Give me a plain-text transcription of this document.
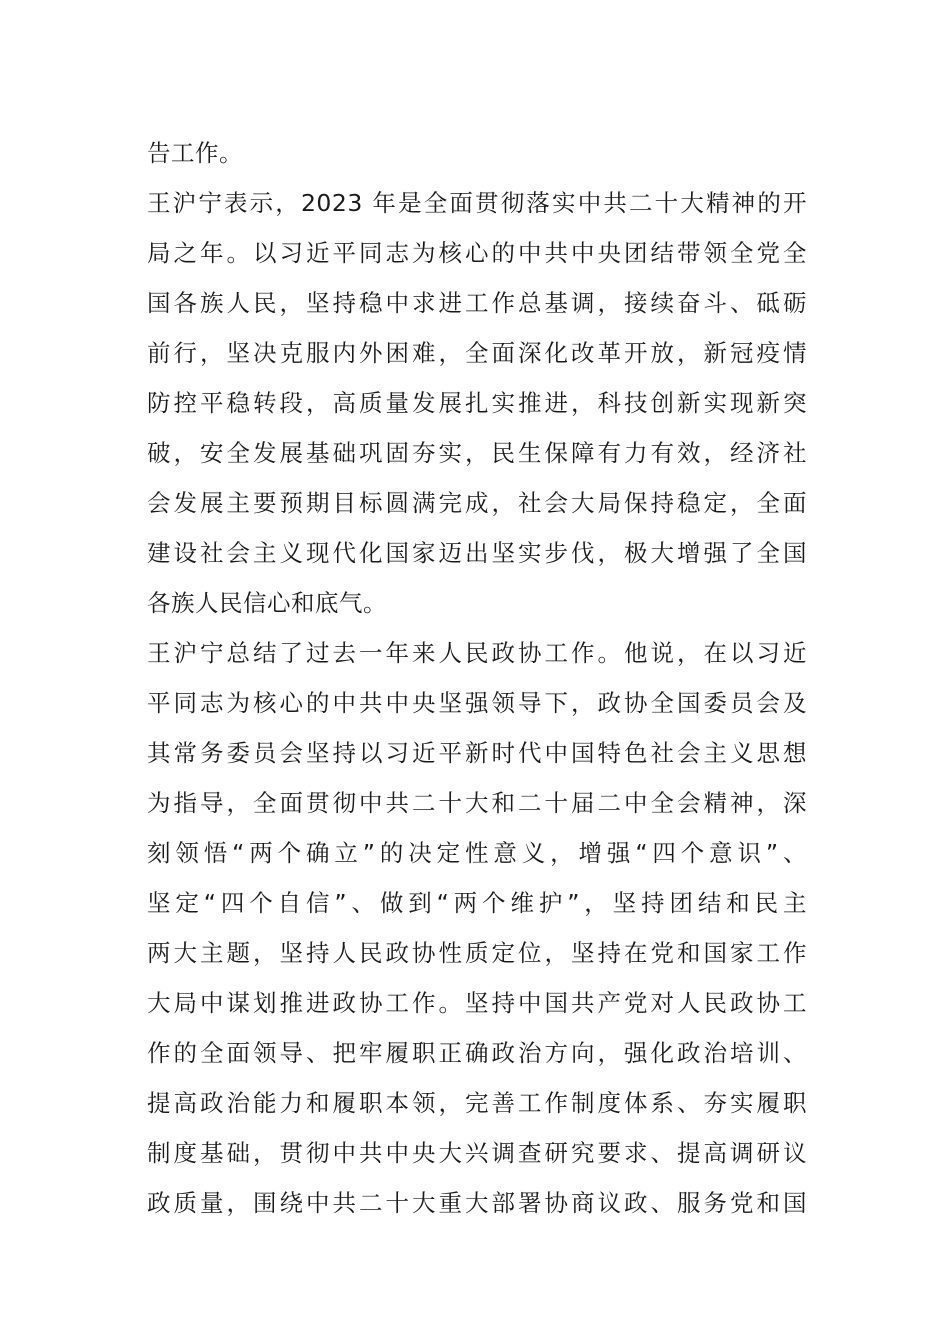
告工作。
王沪宁表示，2023 年是全面贯彻落实中共二十大精神的开
局之年。以习近平同志为核心的中共中央团结带领全党全
国各族人民，坚持稳中求进工作总基调，接续奋斗、砥砺
前行，坚决克服内外困难，全面深化改革开放，新冠疫情
防控平稳转段，高质量发展扎实推进，科技创新实现新突
破，安全发展基础巩固夯实，民生保障有力有效，经济社
会发展主要预期目标圆满完成，社会大局保持稳定，全面
建设社会主义现代化国家迈出坚实步伐，极大增强了全国
各族人民信心和底气。
王沪宁总结了过去一年来人民政协工作。他说，在以习近
平同志为核心的中共中央坚强领导下，政协全国委员会及
其常务委员会坚持以习近平新时代中国特色社会主义思想
为指导，全面贯彻中共二十大和二十届二中全会精神，深
刻领悟“两个确立”的决定性意义，增强“四个意识”、
坚定“四个自信”、做到“两个维护”，坚持团结和民主
两大主题，坚持人民政协性质定位，坚持在党和国家工作
大局中谋划推进政协工作。坚持中国共产党对人民政协工
作的全面领导、把牢履职正确政治方向，强化政治培训、
提高政治能力和履职本领，完善工作制度体系、夯实履职
制度基础，贯彻中共中央大兴调查研究要求、提高调研议
政质量，围绕中共二十大重大部署协商议政、服务党和国
